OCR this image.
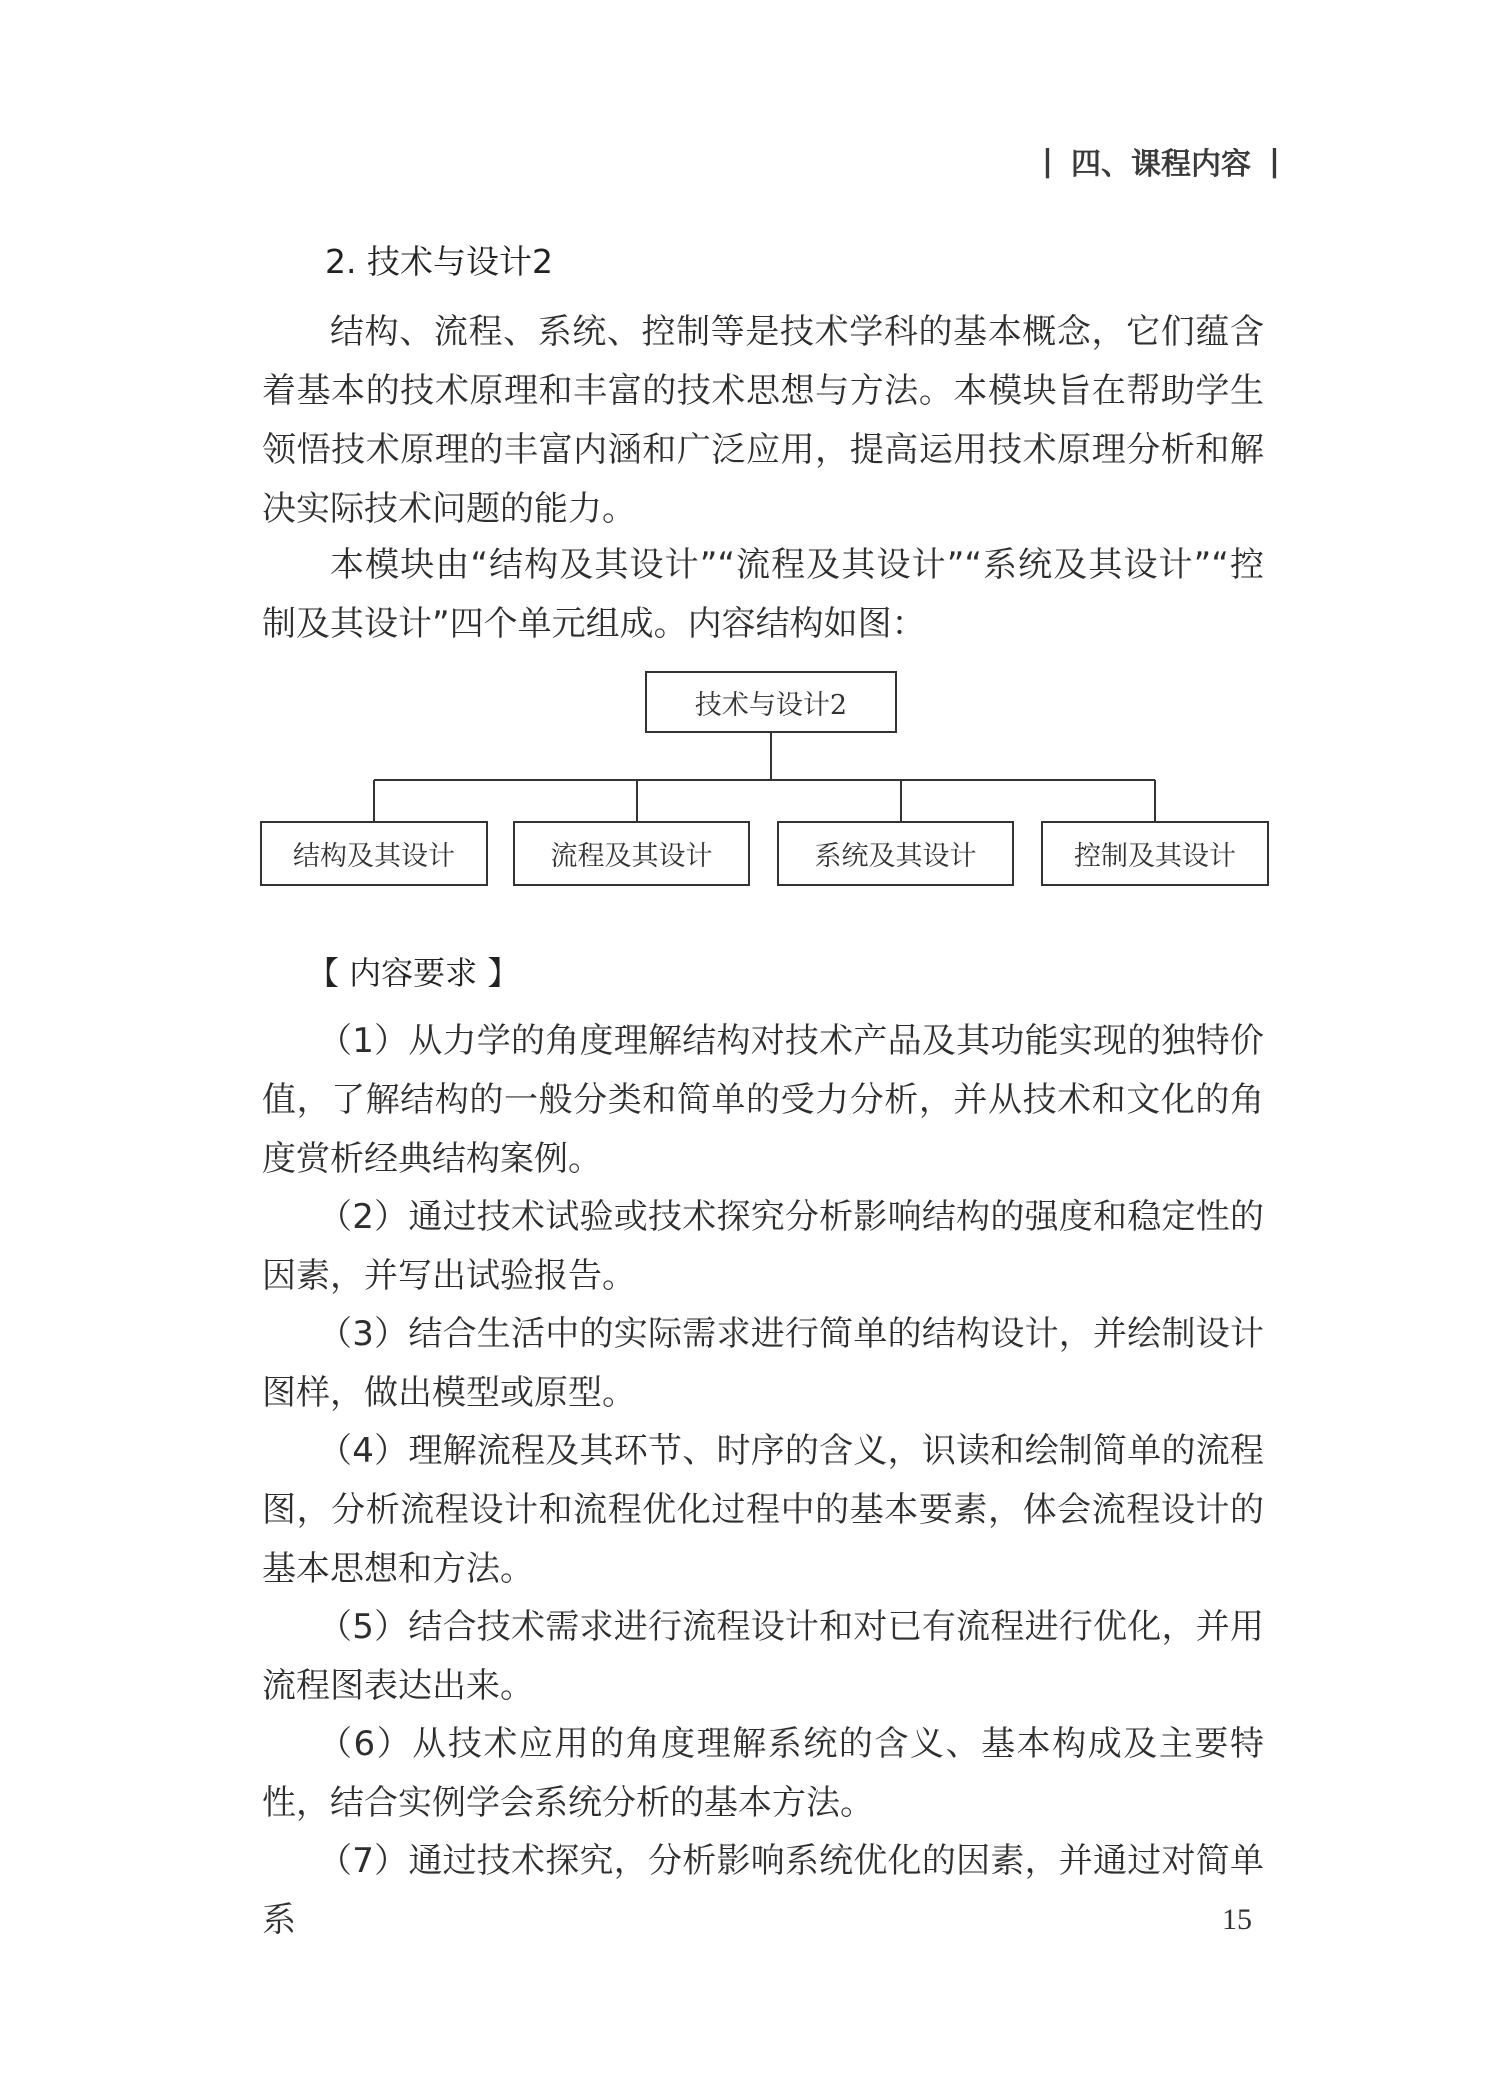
| 四、课程内容 |
2. 技术与设计2

结构、流程、系统、控制等是技术学科的基本概念，它们蕴含着基本的技术原理和丰富的技术思想与方法。本模块旨在帮助学生领悟技术原理的丰富内涵和广泛应用，提高运用技术原理分析和解决实际技术问题的能力。

本模块由“结构及其设计”“流程及其设计”“系统及其设计”“控制及其设计”四个单元组成。内容结构如图：

技术与设计2
结构及其设计	流程及其设计	系统及其设计	控制及其设计
【 内容要求 】

（1）从力学的角度理解结构对技术产品及其功能实现的独特价值，了解结构的一般分类和简单的受力分析，并从技术和文化的角度赏析经典结构案例。

（2）通过技术试验或技术探究分析影响结构的强度和稳定性的因素，并写出试验报告。

（3）结合生活中的实际需求进行简单的结构设计，并绘制设计图样，做出模型或原型。

（4）理解流程及其环节、时序的含义，识读和绘制简单的流程图，分析流程设计和流程优化过程中的基本要素，体会流程设计的基本思想和方法。

（5）结合技术需求进行流程设计和对已有流程进行优化，并用流程图表达出来。

（6）从技术应用的角度理解系统的含义、基本构成及主要特性，结合实例学会系统分析的基本方法。

（7）通过技术探究，分析影响系统优化的因素，并通过对简单系	15
